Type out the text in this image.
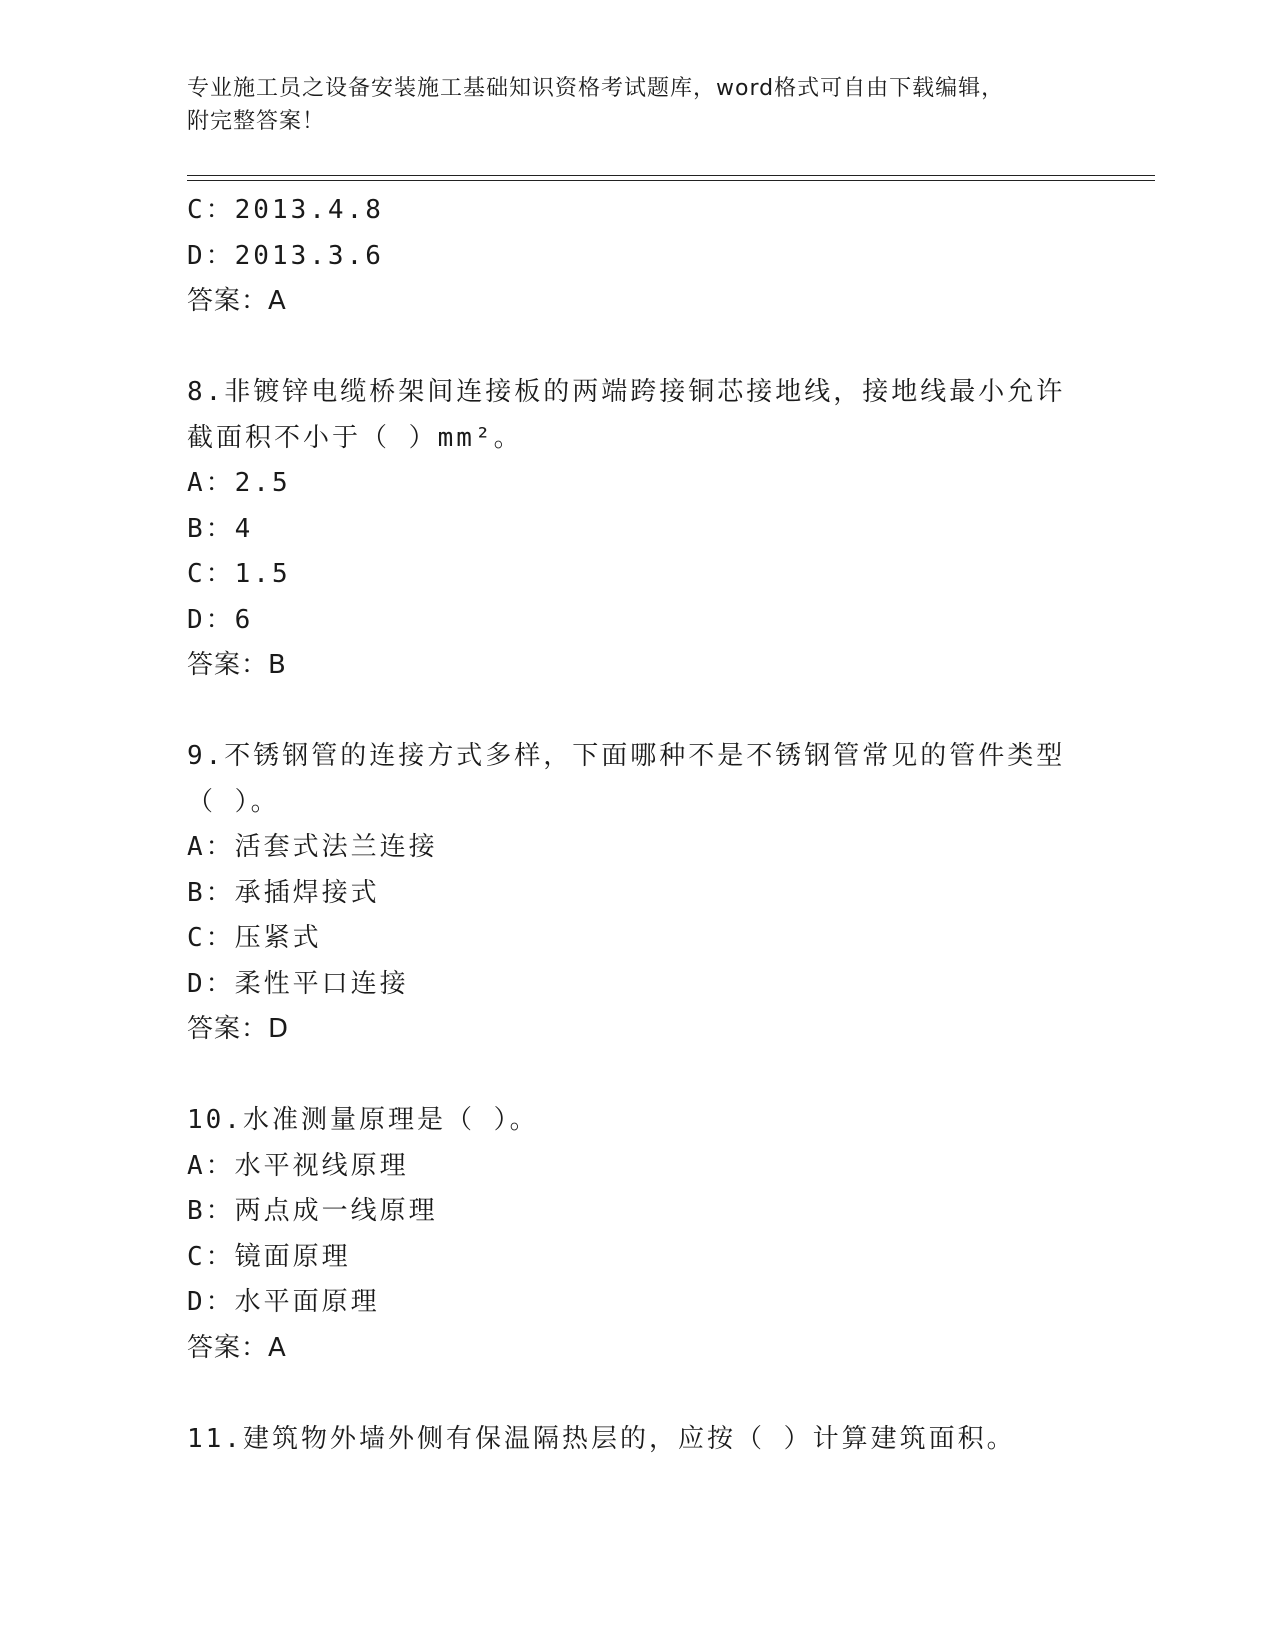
专业施工员之设备安装施工基础知识资格考试题库，word格式可自由下载编辑，
附完整答案！

C：2013.4.8

D：2013.3.6

答案：A

8.非镀锌电缆桥架间连接板的两端跨接铜芯接地线，接地线最小允许

截面积不小于（ ）mm²。

A：2.5

B：4

C：1.5

D：6

答案：B

9.不锈钢管的连接方式多样，下面哪种不是不锈钢管常见的管件类型

（ ）。

A：活套式法兰连接

B：承插焊接式

C：压紧式

D：柔性平口连接

答案：D

10.水准测量原理是（ ）。

A：水平视线原理

B：两点成一线原理

C：镜面原理

D：水平面原理

答案：A

11.建筑物外墙外侧有保温隔热层的，应按（ ）计算建筑面积。
